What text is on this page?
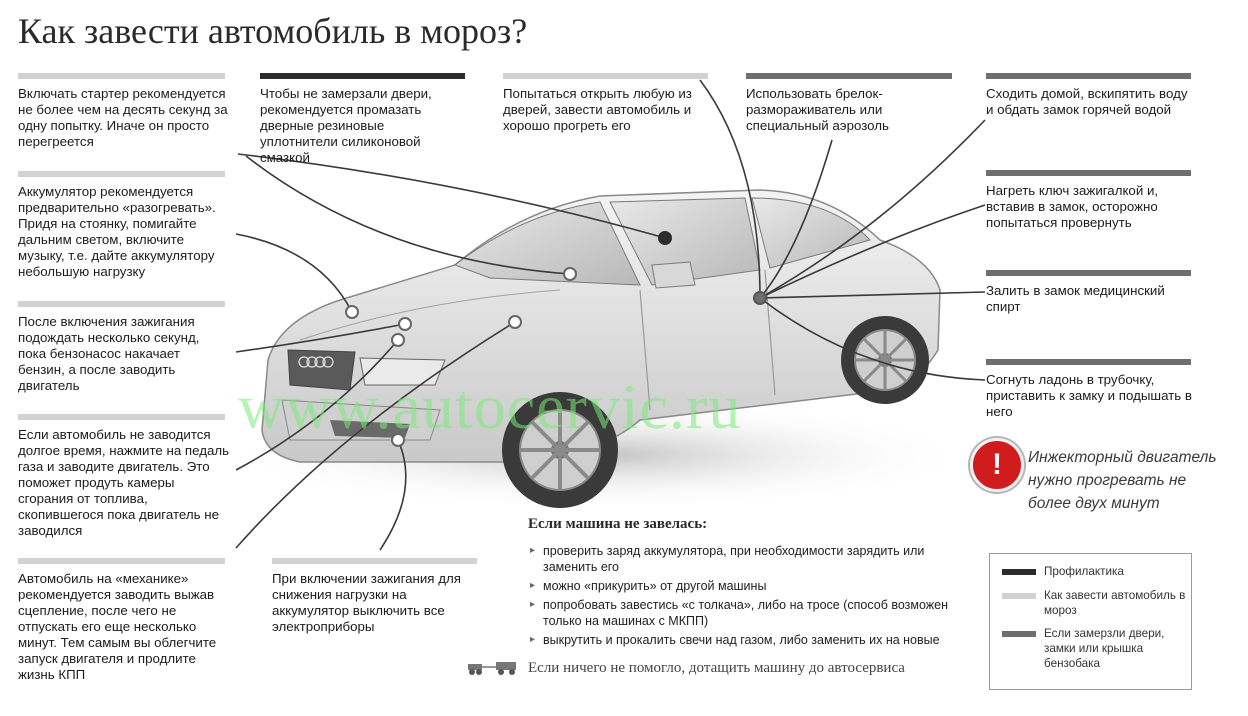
Как завести автомобиль в мороз?
Включать стартер рекомендуется не более чем на десять секунд за одну попытку. Иначе он просто перегреется
Аккумулятор рекомендуется предварительно «разогревать». Придя на стоянку, помигайте дальним светом, включите музыку, т.е. дайте аккумулятору небольшую нагрузку
После включения зажигания подождать несколько секунд, пока бензонасос накачает бензин, а после заводить двигатель
Если автомобиль не заводится долгое время, нажмите на педаль газа и заводите двигатель. Это поможет продуть камеры сгорания от топлива, скопившегося пока двигатель не заводился
Автомобиль на «механике» рекомендуется заводить выжав сцепление, после чего не отпускать его еще несколько минут. Тем самым вы облегчите запуск двигателя и продлите жизнь КПП
Чтобы не замерзали двери, рекомендуется промазать дверные резиновые уплотнители силиконовой смазкой
Попытаться открыть любую из дверей, завести автомобиль и хорошо прогреть его
Использовать брелок-размораживатель или специальный аэрозоль
Сходить домой, вскипятить воду и обдать замок горячей водой
Нагреть ключ зажигалкой и, вставив в замок, осторожно попытаться провернуть
Залить в замок медицинский спирт
Согнуть ладонь в трубочку, приставить к замку и подышать в него
При включении зажигания для снижения нагрузки на аккумулятор выключить все электроприборы
www.autocervic.ru
!	Инжекторный двигатель нужно прогревать не более двух минут
Если машина не завелась:
▸ проверить заряд аккумулятора, при необходимости зарядить или заменить его
▸ можно «прикурить» от другой машины
▸ попробовать завестись «с толкача», либо на тросе (способ возможен только на машинах с МКПП)
▸ выкрутить и прокалить свечи над газом, либо заменить их на новые
Если ничего не помогло, дотащить машину до автосервиса
Профилактика
Как завести автомобиль в мороз
Если замерзли двери, замки или крышка бензобака
